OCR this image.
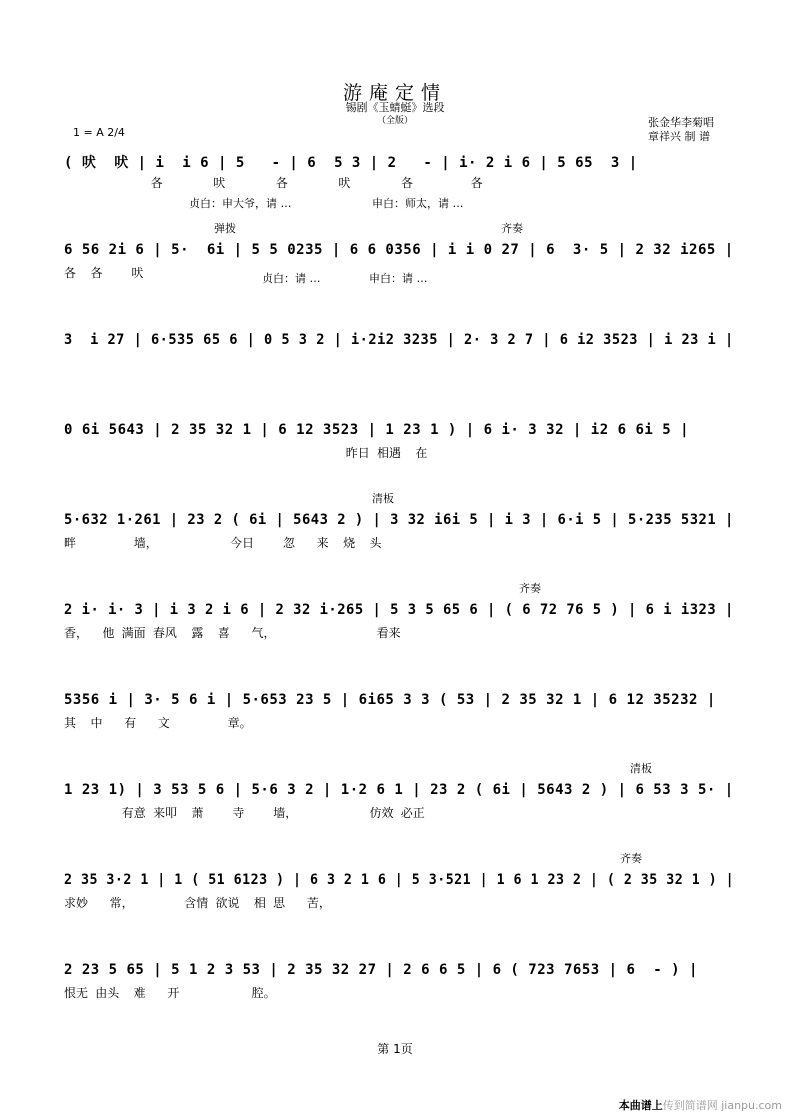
游庵定情
锡剧《玉蜻蜓》选段
（全版）	张金华李菊唱
章祥兴 制 谱
1 = A 2/4
( 吠  吠 | i  i 6 | 5   - | 6  5 3 | 2   - | i· 2 i 6 | 5 65  3 |
各       吠       各       吠       各        各
贞白：申大爷，请 …	申白：师太，请 …
弹拨	齐奏
6 56 2i 6 | 5·  6i | 5 5 0235 | 6 6 0356 | i i 0 27 | 6  3· 5 | 2 32 i265 |
各  各    吠	贞白：请 …	申白：请 …
3  i 27 | 6·535 65 6 | 0 5 3 2 | i·2i2 3235 | 2· 3 2 7 | 6 i2 3523 | i 23 i |
0 6i 5643 | 2 35 32 1 | 6 12 3523 | 1 23 1 ) | 6 i· 3 32 | i2 6 6i 5 |
昨日 相遇  在
清板
5·632 1·261 | 23 2 ( 6i | 5643 2 ) | 3 32 i6i 5 | i 3 | 6·i 5 | 5·235 5321 |
畔        墙，          今日    忽   来  烧  头
齐奏
2 i· i· 3 | i 3 2 i 6 | 2 32 i·265 | 5 3 5 65 6 | ( 6 72 76 5 ) | 6 i i323 |
香，  他 满面 春风  露  喜   气，              看来
5356 i | 3· 5 6 i | 5·653 23 5 | 6i65 3 3 ( 53 | 2 35 32 1 | 6 12 35232 |
其  中   有   文        章。
清板
1 23 1) | 3 53 5 6 | 5·6 3 2 | 1·2 6 1 | 23 2 ( 6i | 5643 2 ) | 6 53 3 5· |
有意 来叩  萧    寺    墙，          仿效 必正
齐奏
2 35 3·2 1 | 1 ( 51 6123 ) | 6 3 2 1 6 | 5 3·521 | 1 6 1 23 2 | ( 2 35 32 1 ) |
求妙   常，       含情 欲说  相 思   苦，
2 23 5 65 | 5 1 2 3 53 | 2 35 32 27 | 2 6 6 5 | 6 ( 723 7653 | 6  - ) |
恨无 由头  难   开          腔。
第 1页
本曲谱上传到简谱网 jianpu.com
